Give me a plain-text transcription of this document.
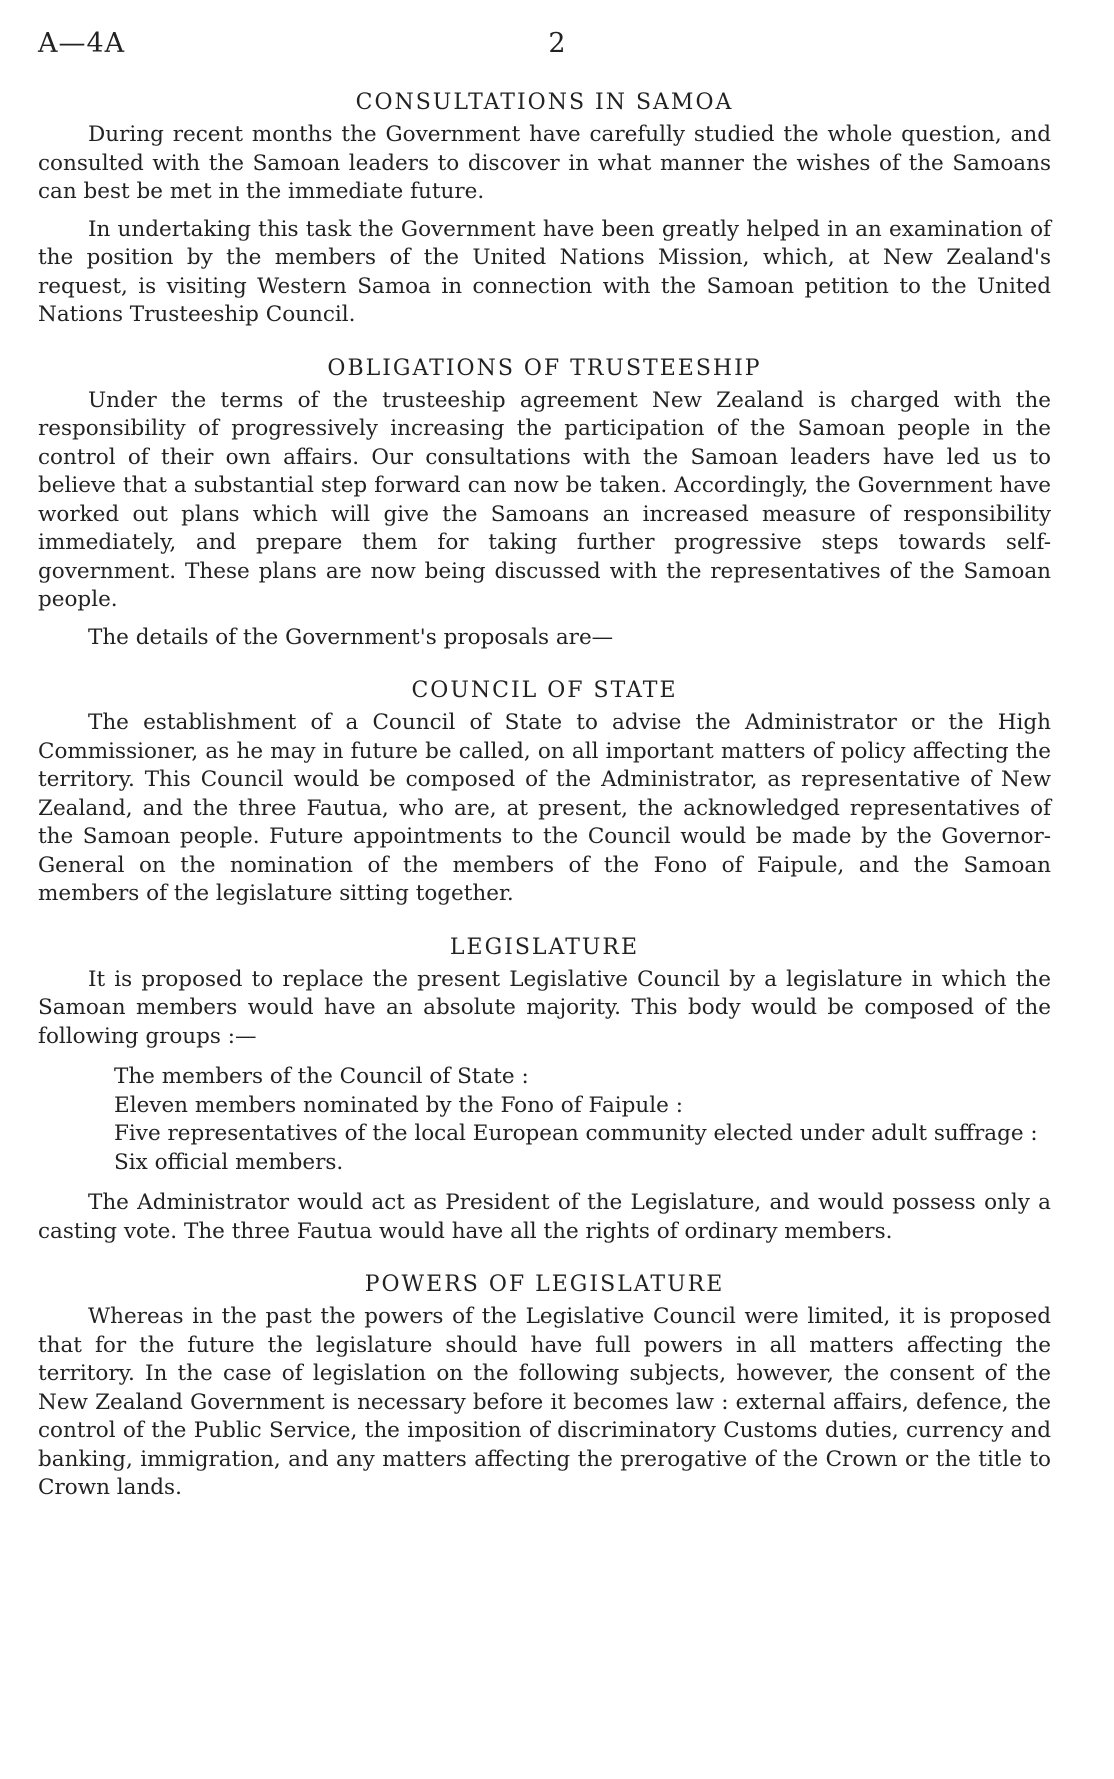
A—4A	2
CONSULTATIONS IN SAMOA

During recent months the Government have carefully studied the whole question, and consulted with the Samoan leaders to discover in what manner the wishes of the Samoans can best be met in the immediate future.

In undertaking this task the Government have been greatly helped in an examination of the position by the members of the United Nations Mission, which, at New Zealand's request, is visiting Western Samoa in connection with the Samoan petition to the United Nations Trusteeship Council.

OBLIGATIONS OF TRUSTEESHIP

Under the terms of the trusteeship agreement New Zealand is charged with the responsibility of progressively increasing the participation of the Samoan people in the control of their own affairs. Our consultations with the Samoan leaders have led us to believe that a substantial step forward can now be taken. Accordingly, the Government have worked out plans which will give the Samoans an increased measure of responsibility immediately, and prepare them for taking further progressive steps towards self-government. These plans are now being discussed with the representatives of the Samoan people.

The details of the Government's proposals are—

COUNCIL OF STATE

The establishment of a Council of State to advise the Administrator or the High Commissioner, as he may in future be called, on all important matters of policy affecting the territory. This Council would be composed of the Administrator, as representative of New Zealand, and the three Fautua, who are, at present, the acknowledged representatives of the Samoan people. Future appointments to the Council would be made by the Governor-General on the nomination of the members of the Fono of Faipule, and the Samoan members of the legislature sitting together.

LEGISLATURE

It is proposed to replace the present Legislative Council by a legislature in which the Samoan members would have an absolute majority. This body would be composed of the following groups :—

The members of the Council of State :
Eleven members nominated by the Fono of Faipule :
Five representatives of the local European community elected under adult suffrage :
Six official members.

The Administrator would act as President of the Legislature, and would possess only a casting vote. The three Fautua would have all the rights of ordinary members.

POWERS OF LEGISLATURE

Whereas in the past the powers of the Legislative Council were limited, it is proposed that for the future the legislature should have full powers in all matters affecting the territory. In the case of legislation on the following subjects, however, the consent of the New Zealand Government is necessary before it becomes law : external affairs, defence, the control of the Public Service, the imposition of discriminatory Customs duties, currency and banking, immigration, and any matters affecting the prerogative of the Crown or the title to Crown lands.
